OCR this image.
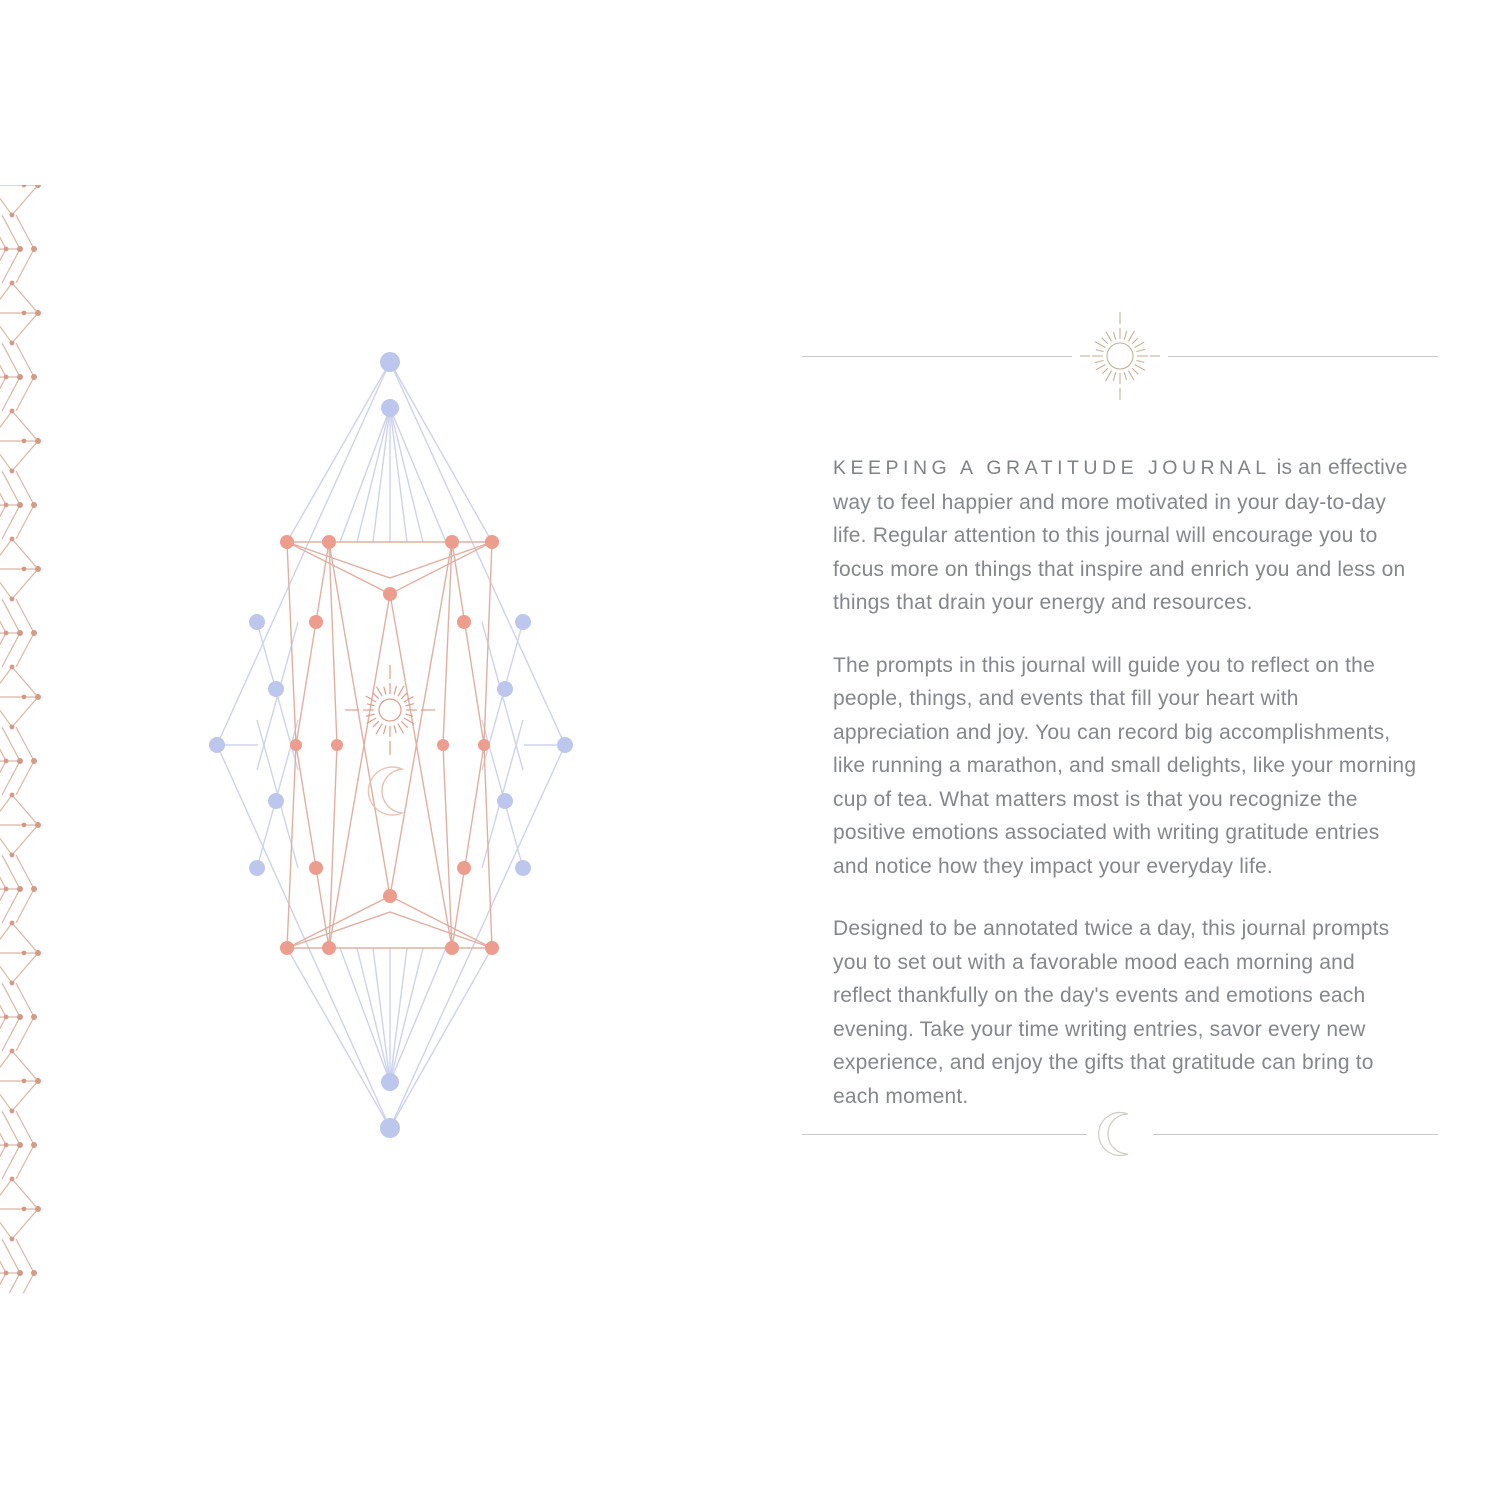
KEEPING A GRATITUDE JOURNAL is an effective way to feel happier and more motivated in your day-to-day life. Regular attention to this journal will encourage you to focus more on things that inspire and enrich you and less on things that drain your energy and resources.

The prompts in this journal will guide you to reflect on the people, things, and events that fill your heart with appreciation and joy. You can record big accomplishments, like running a marathon, and small delights, like your morning cup of tea. What matters most is that you recognize the positive emotions associated with writing gratitude entries and notice how they impact your everyday life.

Designed to be annotated twice a day, this journal prompts you to set out with a favorable mood each morning and reflect thankfully on the day's events and emotions each evening. Take your time writing entries, savor every new experience, and enjoy the gifts that gratitude can bring to each moment.
